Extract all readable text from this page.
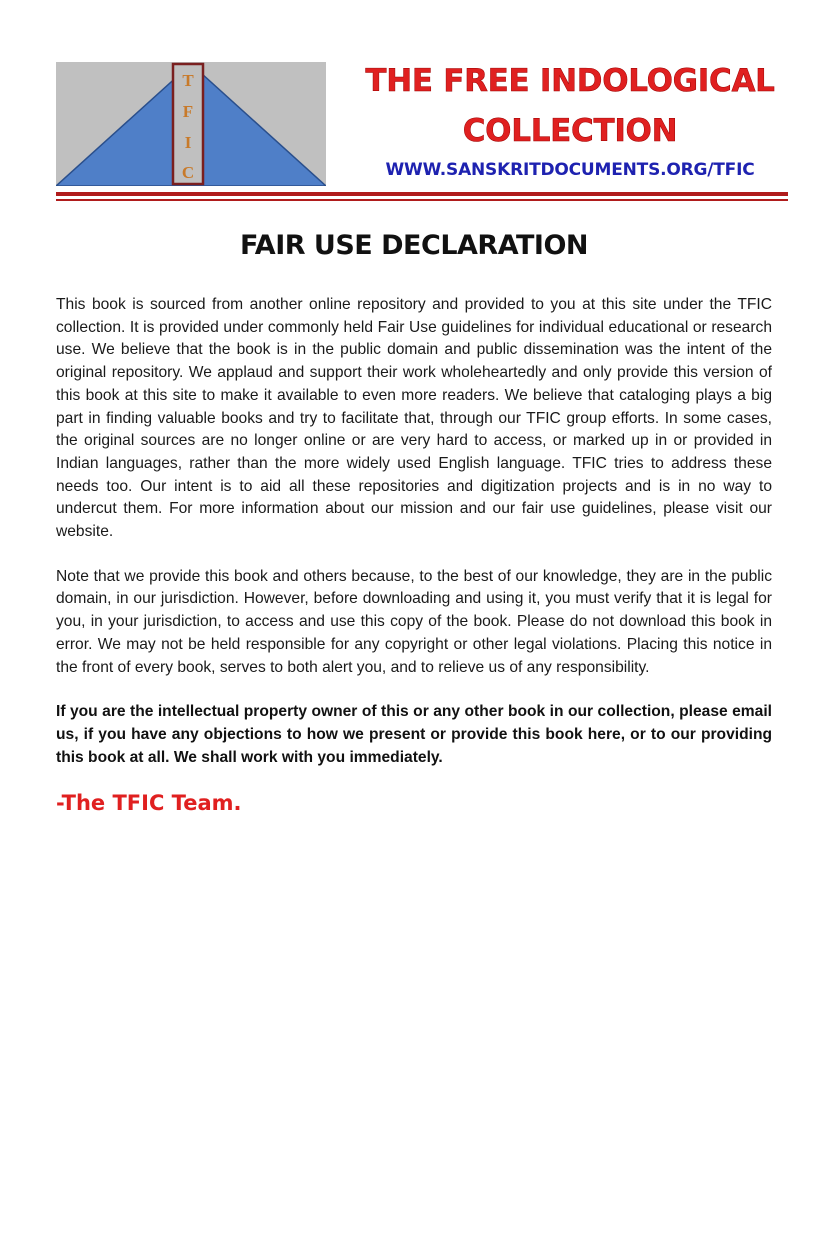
T
F
I
C
THE FREE INDOLOGICAL COLLECTION
WWW.SANSKRITDOCUMENTS.ORG/TFIC
FAIR USE DECLARATION

This book is sourced from another online repository and provided to you at this site under the TFIC collection. It is provided under commonly held Fair Use guidelines for individual educational or research use. We believe that the book is in the public domain and public dissemination was the intent of the original repository. We applaud and support their work wholeheartedly and only provide this version of this book at this site to make it available to even more readers. We believe that cataloging plays a big part in finding valuable books and try to facilitate that, through our TFIC group efforts. In some cases, the original sources are no longer online or are very hard to access, or marked up in or provided in Indian languages, rather than the more widely used English language. TFIC tries to address these needs too. Our intent is to aid all these repositories and digitization projects and is in no way to undercut them. For more information about our mission and our fair use guidelines, please visit our website.

Note that we provide this book and others because, to the best of our knowledge, they are in the public domain, in our jurisdiction. However, before downloading and using it, you must verify that it is legal for you, in your jurisdiction, to access and use this copy of the book. Please do not download this book in error. We may not be held responsible for any copyright or other legal violations. Placing this notice in the front of every book, serves to both alert you, and to relieve us of any responsibility.

If you are the intellectual property owner of this or any other book in our collection, please email us, if you have any objections to how we present or provide this book here, or to our providing this book at all. We shall work with you immediately.

-The TFIC Team.
